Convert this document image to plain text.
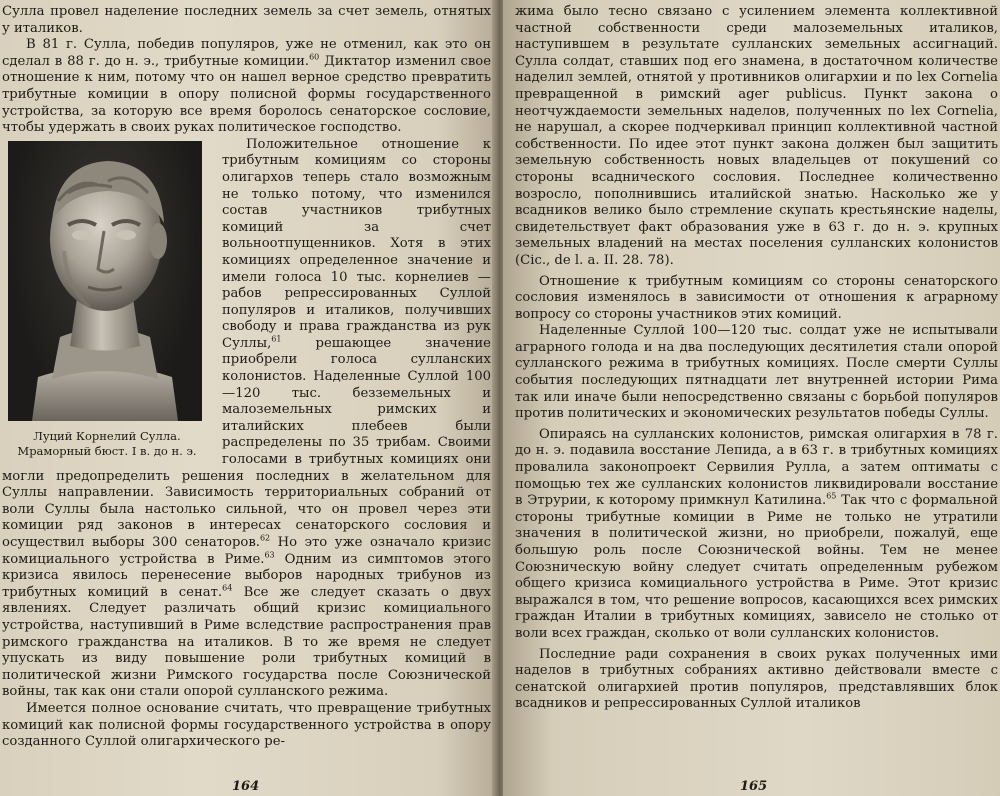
Сулла провел наделение последних земель за счет земель, отнятых у италиков.

В 81 г. Сулла, победив популяров, уже не отменил, как это он сделал в 88 г. до н. э., трибутные комиции.$^{60}$ Диктатор изменил свое отношение к ним, потому что он нашел верное средство превратить трибутные комиции в опору полисной формы государственного устройства, за которую все время боролось сенаторское сословие, чтобы удержать в своих руках политическое господство.

Луций Корнелий Сулла. Мраморный бюст. I в. до н. э.

Положительное отношение к трибутным комициям со стороны олигархов теперь стало возможным не только потому, что изменился состав участников трибутных комиций за счет вольноотпущенников. Хотя в этих комициях определенное значение и имели голоса 10 тыс. корнелиев — рабов репрессированных Суллой популяров и италиков, получивших свободу и права гражданства из рук Суллы,$^{61}$	решающее значение приобрели голоса сулланских колонистов. Наделенные Суллой 100—120 тыс. безземельных и малоземельных римских и италийских плебеев были распределены по 35 трибам. Своими голосами в трибутных комициях они могли предопределить решения последних в желательном для Суллы направлении. Зависимость территориальных собраний от воли Суллы была настолько сильной, что он провел через эти комиции ряд законов в интересах сенаторского сословия и осуществил выборы 300 сенаторов.$^{62}$ Но это уже означало кризис комициального устройства в Риме.$^{63}$ Одним из симптомов этого кризиса явилось перенесение выборов народных трибунов из трибутных комиций в сенат.$^{64}$ Все же следует сказать о двух явлениях. Следует различать общий кризис комициального устройства, наступивший в Риме вследствие распространения прав римского гражданства на италиков. В то же время не следует упускать из виду повышение роли трибутных комиций в политической жизни Римского государства после Союзнической войны, так как они стали опорой сулланского режима.

Имеется полное основание считать, что превращение трибутных комиций как полисной формы государственного устройства в опору созданного Суллой олигархического ре-

164

жима было тесно связано с усилением элемента коллективной частной собственности среди малоземельных италиков, наступившем в результате сулланских земельных ассигнаций. Сулла солдат, ставших под его знамена, в достаточном количестве наделил землей, отнятой у противников олигархии и по lex Cornelia превращенной в римский ager publicus. Пункт закона о неотчуждаемости земельных наделов, полученных по lex Cornelia, не нарушал, а скорее подчеркивал принцип коллективной частной собственности. По идее этот пункт закона должен был защитить земельную собственность новых владельцев от покушений со стороны всаднического сословия. Последнее количественно возросло, пополнившись италийской знатью. Насколько же у всадников велико было стремление скупать крестьянские наделы, свидетельствует факт образования уже в 63 г. до н. э. крупных земельных владений на местах поселения сулланских колонистов (Cic., de l. a. II. 28. 78).

Отношение к трибутным комициям со стороны сенаторского сословия изменялось в зависимости от отношения к аграрному вопросу со стороны участников этих комиций.

Наделенные Суллой 100—120 тыс. солдат уже не испытывали аграрного голода и на два последующих десятилетия стали опорой сулланского режима в трибутных комициях. После смерти Суллы события последующих пятнадцати лет внутренней истории Рима так или иначе были непосредственно связаны с борьбой популяров против политических и экономических результатов победы Суллы.

Опираясь на сулланских колонистов, римская олигархия в 78 г. до н. э. подавила восстание Лепида, а в 63 г. в трибутных комициях провалила законопроект Сервилия Рулла, а затем оптиматы с помощью тех же сулланских колонистов ликвидировали восстание в Этрурии, к которому примкнул Катилина.$^{65}$ Так что с формальной стороны трибутные комиции в Риме не только не утратили значения в политической жизни, но приобрели, пожалуй, еще большую роль после Союзнической войны. Тем не менее Союзническую войну следует считать определенным рубежом общего кризиса комициального устройства в Риме. Этот кризис выражался в том, что решение вопросов, касающихся всех римских граждан Италии в трибутных комициях, зависело не столько от воли всех граждан, сколько от воли сулланских колонистов.

Последние ради сохранения в своих руках полученных ими наделов в трибутных собраниях активно действовали вместе с сенатской олигархией против популяров, представлявших блок всадников и репрессированных Суллой италиков

165
